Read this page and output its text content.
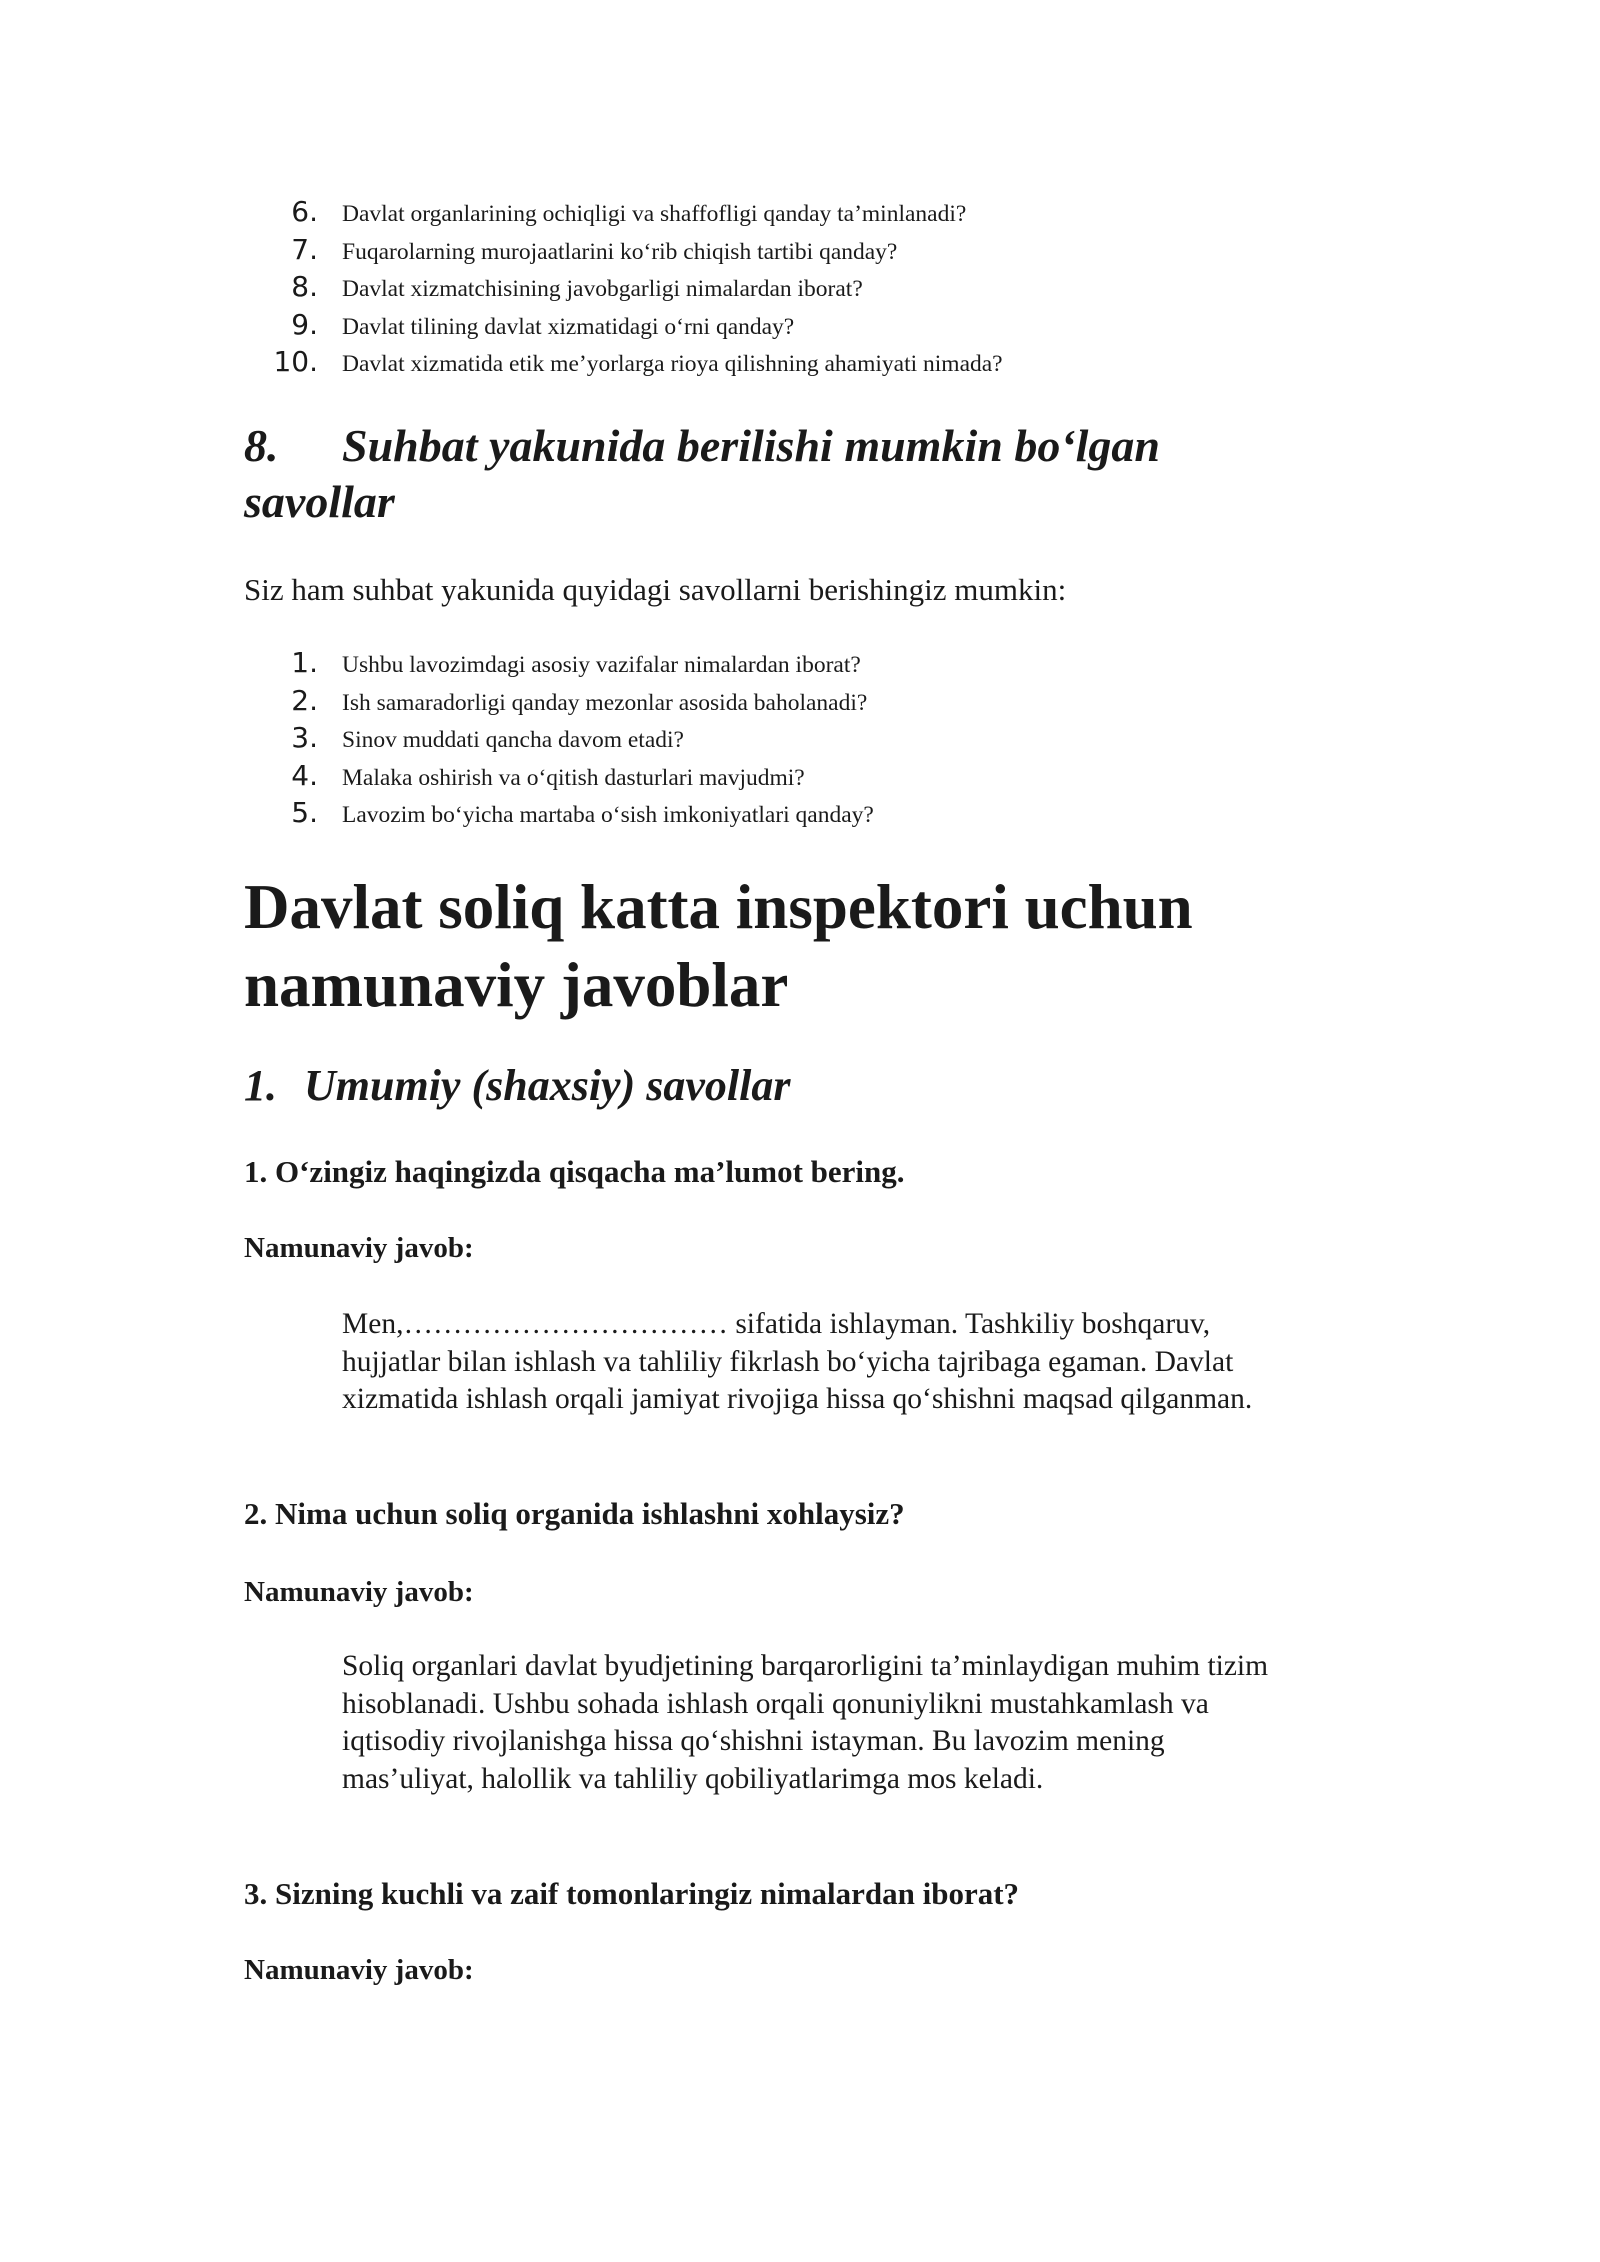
6. Davlat organlarining ochiqligi va shaffofligi qanday ta’minlanadi?
7. Fuqarolarning murojaatlarini ko‘rib chiqish tartibi qanday?
8. Davlat xizmatchisining javobgarligi nimalardan iborat?
9. Davlat tilining davlat xizmatidagi o‘rni qanday?
10. Davlat xizmatida etik me’yorlarga rioya qilishning ahamiyati nimada?
8. Suhbat yakunida berilishi mumkin bo‘lgan savollar

Siz ham suhbat yakunida quyidagi savollarni berishingiz mumkin:

1. Ushbu lavozimdagi asosiy vazifalar nimalardan iborat?
2. Ish samaradorligi qanday mezonlar asosida baholanadi?
3. Sinov muddati qancha davom etadi?
4. Malaka oshirish va o‘qitish dasturlari mavjudmi?
5. Lavozim bo‘yicha martaba o‘sish imkoniyatlari qanday?
Davlat soliq katta inspektori uchun namunaviy javoblar
1. Umumiy (shaxsiy) savollar

1. O‘zingiz haqingizda qisqacha ma’lumot bering.

Namunaviy javob:

Men,…………………………… sifatida ishlayman. Tashkiliy boshqaruv, hujjatlar bilan ishlash va tahliliy fikrlash bo‘yicha tajribaga egaman. Davlat xizmatida ishlash orqali jamiyat rivojiga hissa qo‘shishni maqsad qilganman.

2. Nima uchun soliq organida ishlashni xohlaysiz?

Namunaviy javob:

Soliq organlari davlat byudjetining barqarorligini ta’minlaydigan muhim tizim hisoblanadi. Ushbu sohada ishlash orqali qonuniylikni mustahkamlash va iqtisodiy rivojlanishga hissa qo‘shishni istayman. Bu lavozim mening mas’uliyat, halollik va tahliliy qobiliyatlarimga mos keladi.

3. Sizning kuchli va zaif tomonlaringiz nimalardan iborat?

Namunaviy javob:
